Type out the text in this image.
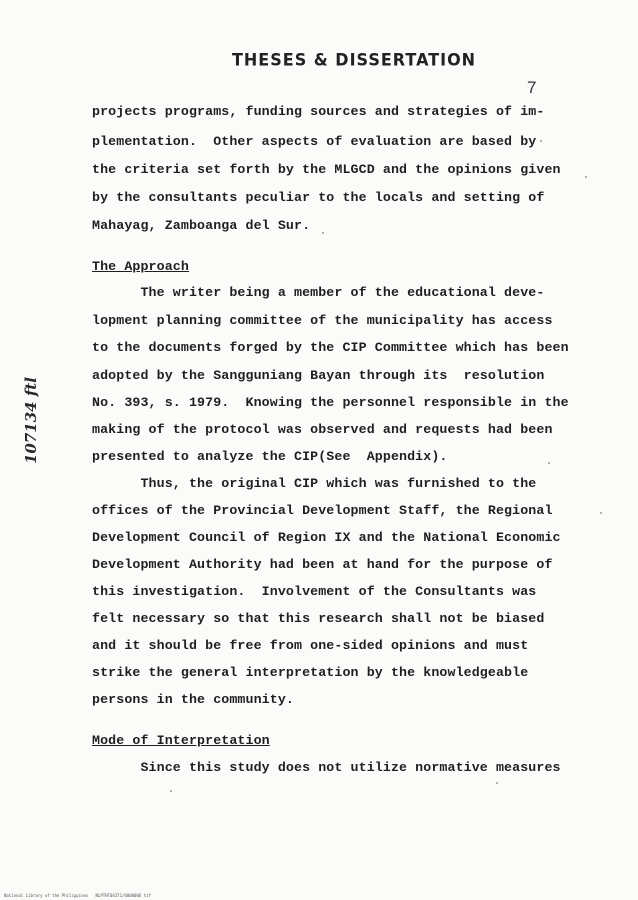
THESES & DISSERTATION
7
107134 ftl
projects programs, funding sources and strategies of im-
plementation.  Other aspects of evaluation are based by
the criteria set forth by the MLGCD and the opinions given
by the consultants peculiar to the locals and setting of
Mahayag, Zamboanga del Sur.
The Approach
The writer being a member of the educational deve-
lopment planning committee of the municipality has access
to the documents forged by the CIP Committee which has been
adopted by the Sangguniang Bayan through its  resolution
No. 393, s. 1979.  Knowing the personnel responsible in the
making of the protocol was observed and requests had been
presented to analyze the CIP(See  Appendix).
Thus, the original CIP which was furnished to the
offices of the Provincial Development Staff, the Regional
Development Council of Region IX and the National Economic
Development Authority had been at hand for the purpose of
this investigation.  Involvement of the Consultants was
felt necessary so that this research shall not be biased
and it should be free from one-sided opinions and must
strike the general interpretation by the knowledgeable
persons in the community.
Mode of Interpretation
Since this study does not utilize normative measures
National Library of the Philippines   NLPTHT04371/0000006 tif
